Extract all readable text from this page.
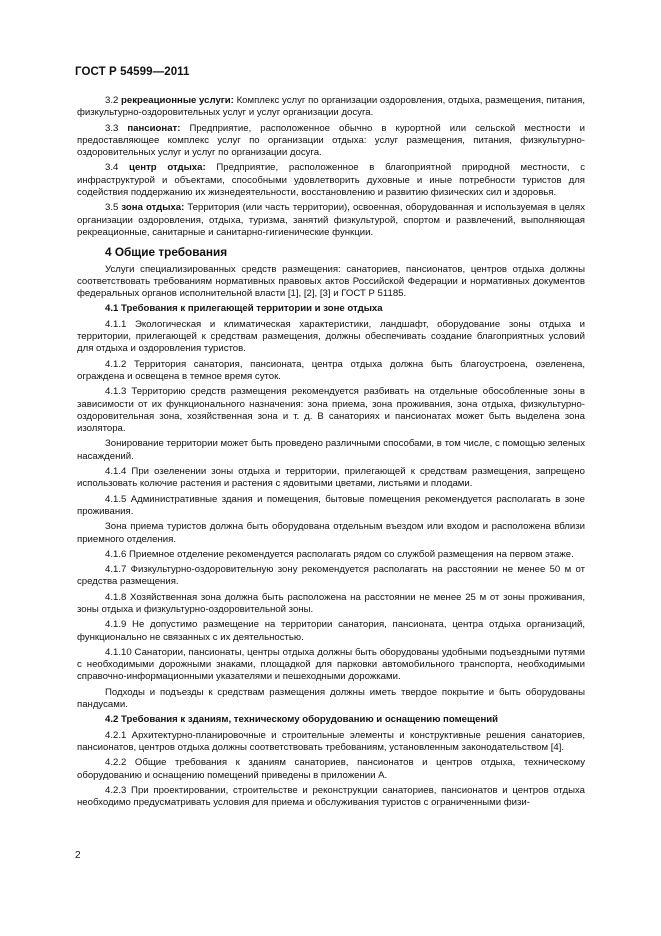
ГОСТ Р 54599—2011

3.2 рекреационные услуги: Комплекс услуг по организации оздоровления, отдыха, размещения, питания, физкультурно-оздоровительных услуг и услуг организации досуга.

3.3 пансионат: Предприятие, расположенное обычно в курортной или сельской местности и предоставляющее комплекс услуг по организации отдыха: услуг размещения, питания, физкультурно-оздоровительных услуг и услуг по организации досуга.

3.4 центр отдыха: Предприятие, расположенное в благоприятной природной местности, с инфраструктурой и объектами, способными удовлетворить духовные и иные потребности туристов для содействия поддержанию их жизнедеятельности, восстановлению и развитию физических сил и здоровья.

3.5 зона отдыха: Территория (или часть территории), освоенная, оборудованная и используемая в целях организации оздоровления, отдыха, туризма, занятий физкультурой, спортом и развлечений, выполняющая рекреационные, санитарные и санитарно-гигиенические функции.

4 Общие требования

Услуги специализированных средств размещения: санаториев, пансионатов, центров отдыха должны соответствовать требованиям нормативных правовых актов Российской Федерации и нормативных документов федеральных органов исполнительной власти [1], [2], [3] и ГОСТ Р 51185.

4.1 Требования к прилегающей территории и зоне отдыха

4.1.1 Экологическая и климатическая характеристики, ландшафт, оборудование зоны отдыха и территории, прилегающей к средствам размещения, должны обеспечивать создание благоприятных условий для отдыха и оздоровления туристов.

4.1.2 Территория санатория, пансионата, центра отдыха должна быть благоустроена, озеленена, ограждена и освещена в темное время суток.

4.1.3 Территорию средств размещения рекомендуется разбивать на отдельные обособленные зоны в зависимости от их функционального назначения: зона приема, зона проживания, зона отдыха, физкультурно-оздоровительная зона, хозяйственная зона и т. д. В санаториях и пансионатах может быть выделена зона изолятора.

Зонирование территории может быть проведено различными способами, в том числе, с помощью зеленых насаждений.

4.1.4 При озеленении зоны отдыха и территории, прилегающей к средствам размещения, запрещено использовать колючие растения и растения с ядовитыми цветами, листьями и плодами.

4.1.5 Административные здания и помещения, бытовые помещения рекомендуется располагать в зоне проживания.

Зона приема туристов должна быть оборудована отдельным въездом или входом и расположена вблизи приемного отделения.

4.1.6 Приемное отделение рекомендуется располагать рядом со службой размещения на первом этаже.

4.1.7 Физкультурно-оздоровительную зону рекомендуется располагать на расстоянии не менее 50 м от средства размещения.

4.1.8 Хозяйственная зона должна быть расположена на расстоянии не менее 25 м от зоны проживания, зоны отдыха и физкультурно-оздоровительной зоны.

4.1.9 Не допустимо размещение на территории санатория, пансионата, центра отдыха организаций, функционально не связанных с их деятельностью.

4.1.10 Санатории, пансионаты, центры отдыха должны быть оборудованы удобными подъездными путями с необходимыми дорожными знаками, площадкой для парковки автомобильного транспорта, необходимыми справочно-информационными указателями и пешеходными дорожками.

Подходы и подъезды к средствам размещения должны иметь твердое покрытие и быть оборудованы пандусами.

4.2 Требования к зданиям, техническому оборудованию и оснащению помещений

4.2.1 Архитектурно-планировочные и строительные элементы и конструктивные решения санаториев, пансионатов, центров отдыха должны соответствовать требованиям, установленным законодательством [4].

4.2.2 Общие требования к зданиям санаториев, пансионатов и центров отдыха, техническому оборудованию и оснащению помещений приведены в приложении А.

4.2.3 При проектировании, строительстве и реконструкции санаториев, пансионатов и центров отдыха необходимо предусматривать условия для приема и обслуживания туристов с ограниченными физи-

2
